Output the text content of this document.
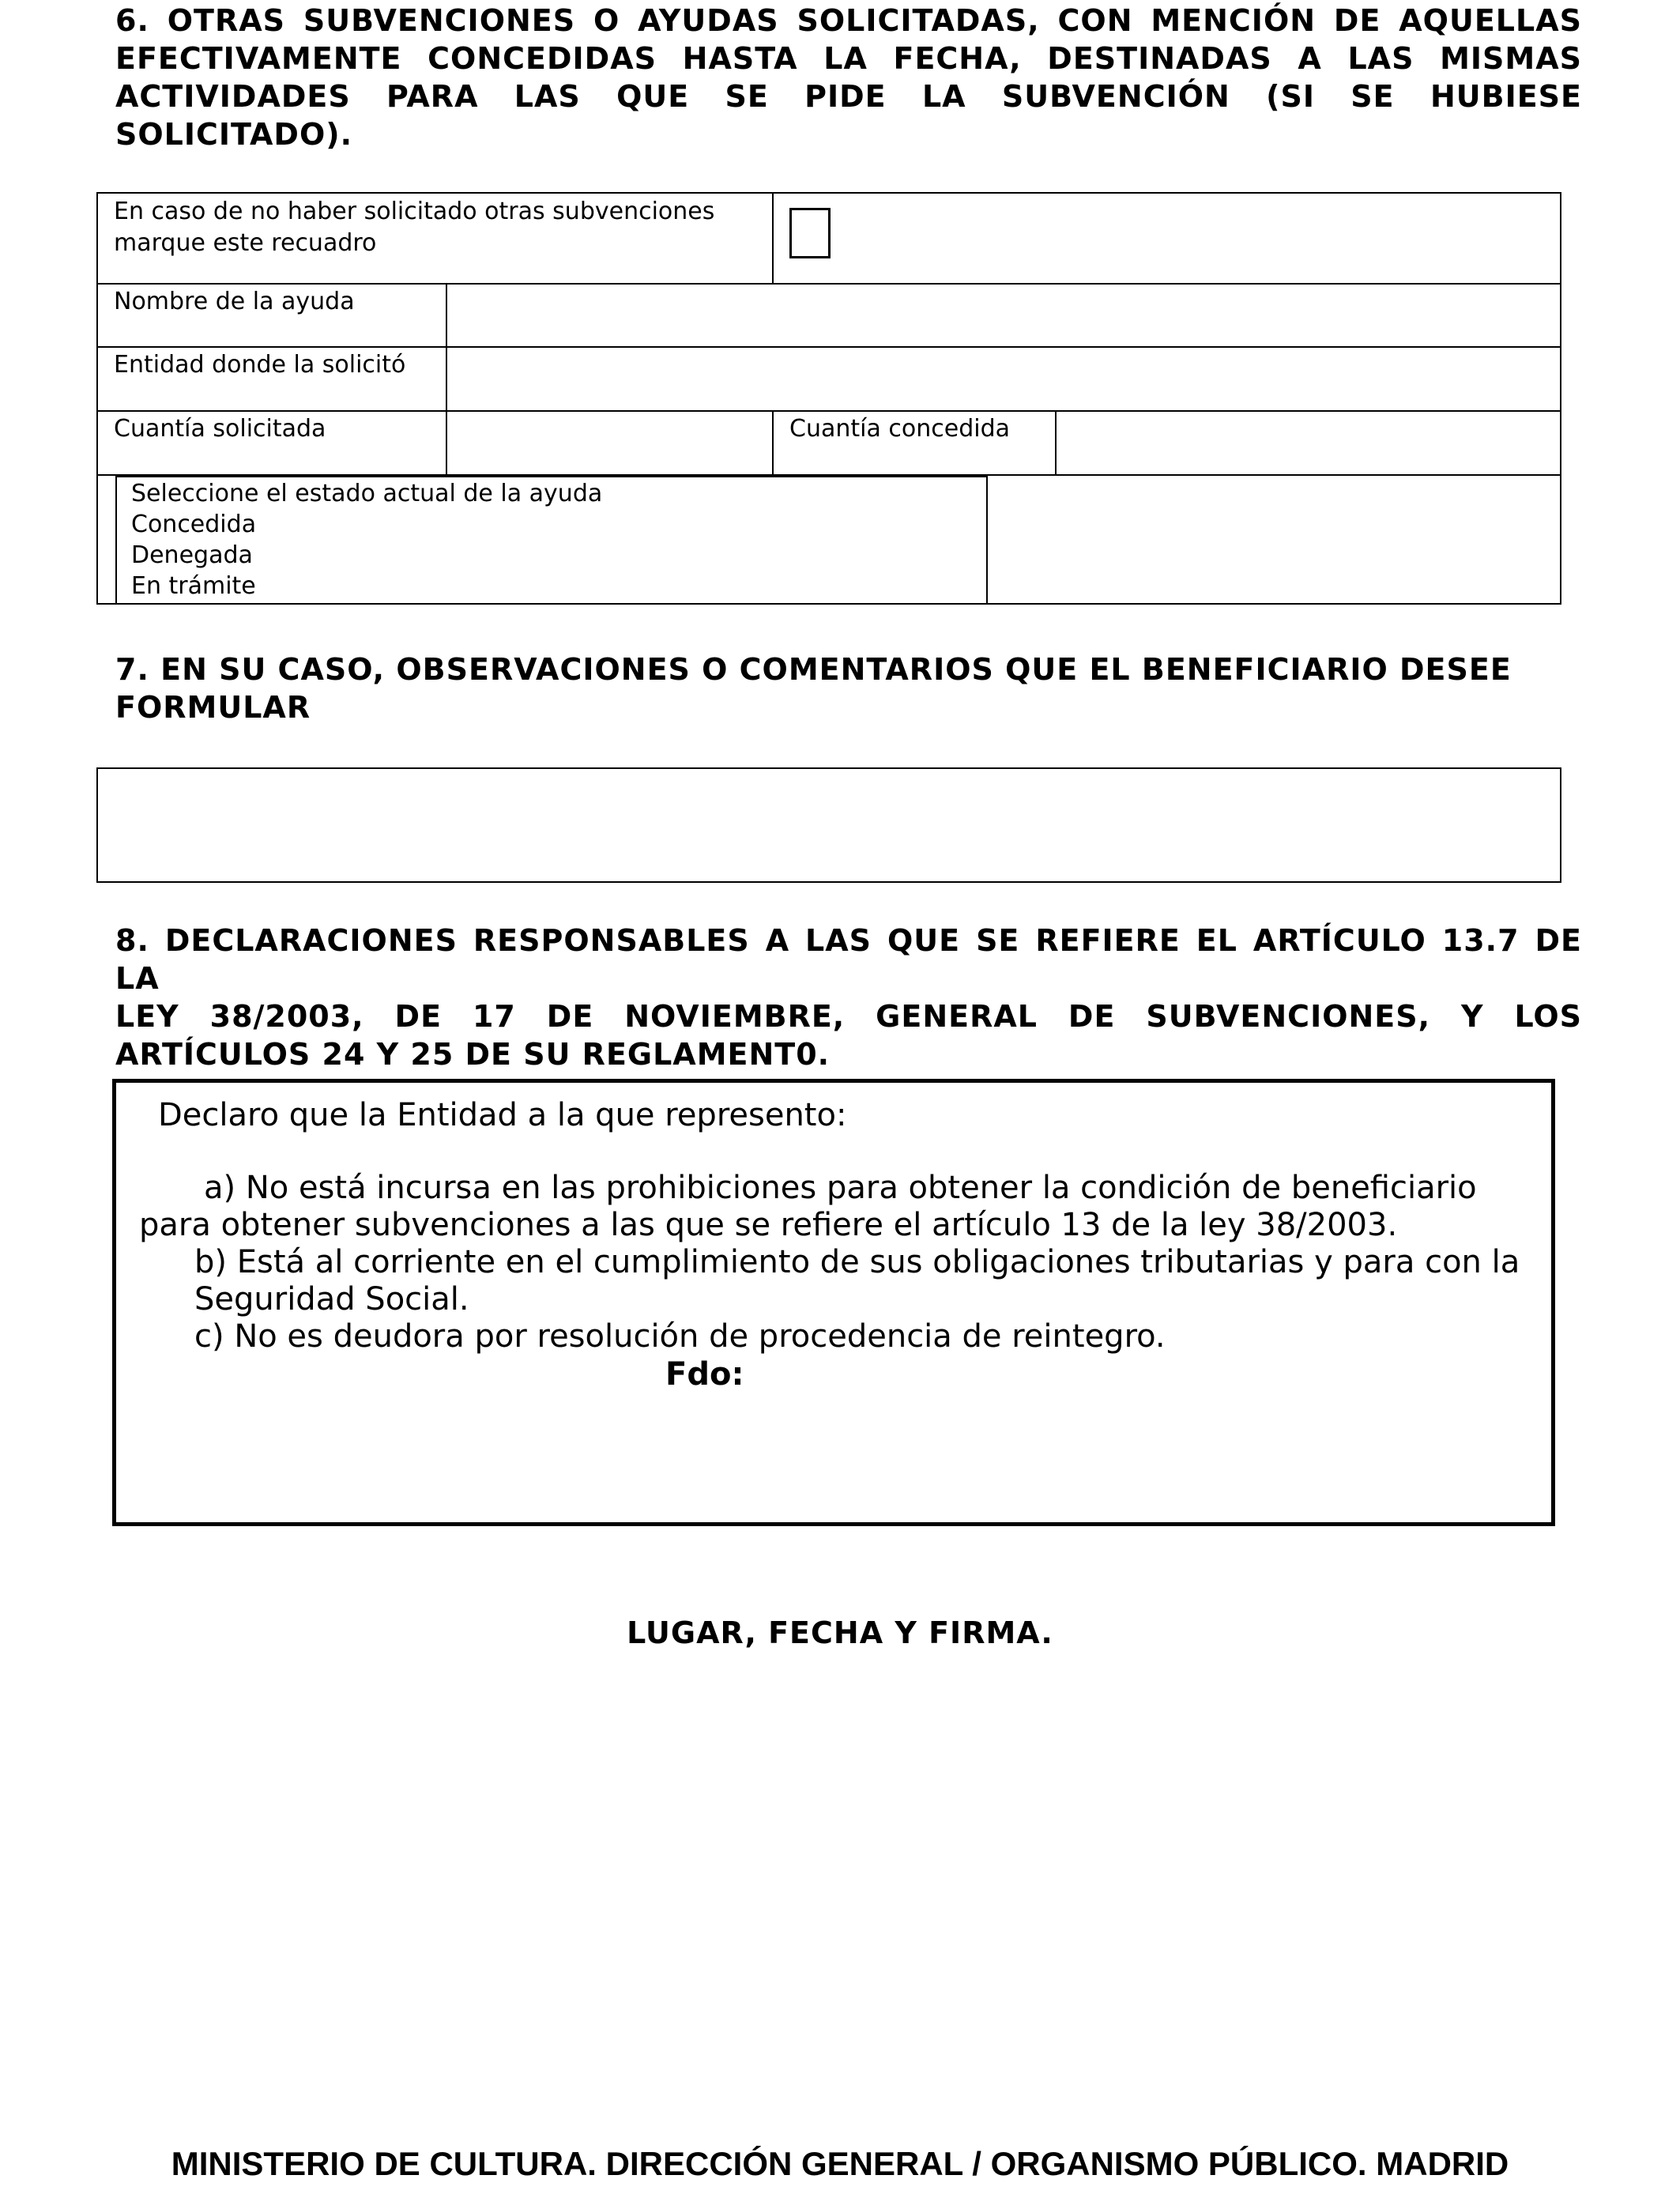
6. OTRAS SUBVENCIONES O AYUDAS SOLICITADAS, CON MENCIÓN DE AQUELLAS
EFECTIVAMENTE CONCEDIDAS HASTA LA FECHA, DESTINADAS A LAS MISMAS
ACTIVIDADES PARA LAS QUE SE PIDE LA SUBVENCIÓN (SI SE HUBIESE
SOLICITADO).

En caso de no haber solicitado otras subvenciones
marque este recuadro

Nombre de la ayuda

Entidad donde la solicitó

Cuantía solicitada	Cuantía concedida

Seleccione el estado actual de la ayuda
Concedida
Denegada
En trámite

7. EN SU CASO, OBSERVACIONES O COMENTARIOS QUE EL BENEFICIARIO DESEE
FORMULAR
8. DECLARACIONES RESPONSABLES A LAS QUE SE REFIERE EL ARTÍCULO 13.7 DE LA
LEY 38/2003, DE 17 DE NOVIEMBRE, GENERAL DE SUBVENCIONES, Y LOS
ARTÍCULOS 24 Y 25 DE SU REGLAMENT0.

Declaro que la Entidad a la que represento:

a) No está incursa en las prohibiciones para obtener la condición de beneficiario

para obtener subvenciones a las que se refiere el artículo 13 de la ley 38/2003.

b) Está al corriente en el cumplimiento de sus obligaciones tributarias y para con la

Seguridad Social.

c) No es deudora por resolución de procedencia de reintegro.

Fdo:

LUGAR, FECHA Y FIRMA.

MINISTERIO DE CULTURA. DIRECCIÓN GENERAL / ORGANISMO PÚBLICO. MADRID
